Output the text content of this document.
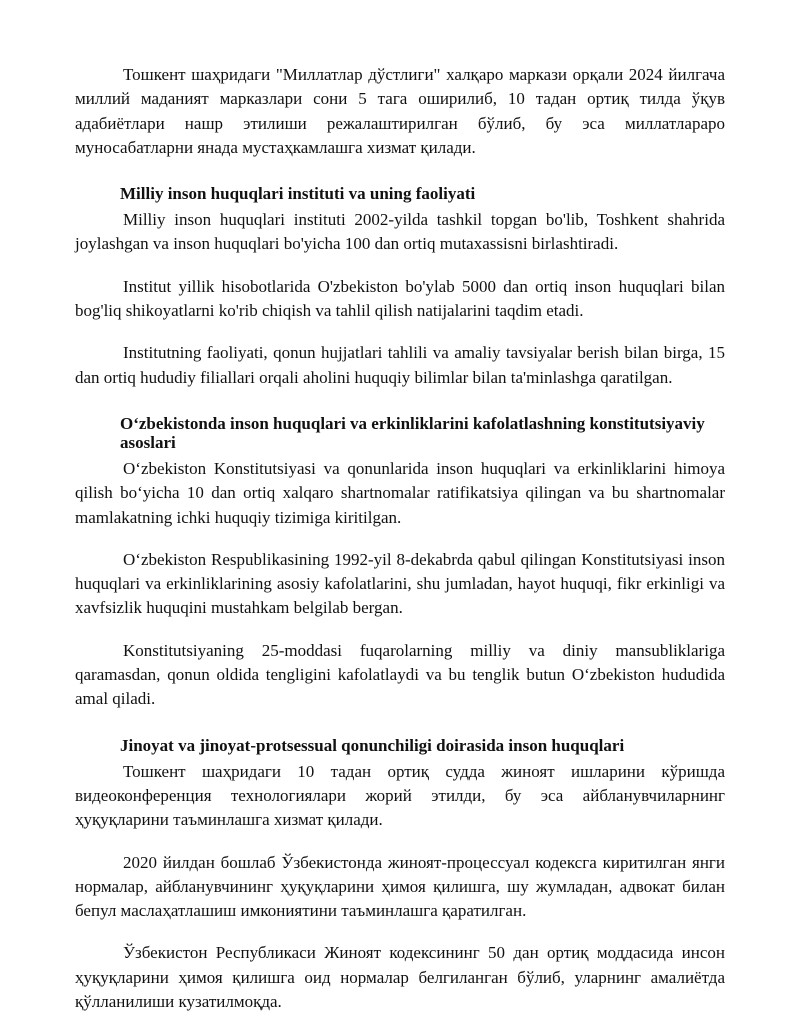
Тошкент шаҳридаги "Миллатлар дўстлиги" халқаро маркази орқали 2024 йилгача миллий маданият марказлари сони 5 тага оширилиб, 10 тадан ортиқ тилда ўқув адабиётлари нашр этилиши режалаштирилган бўлиб, бу эса миллатлараро муносабатларни янада мустаҳкамлашга хизмат қилади.

Milliy inson huquqlari instituti va uning faoliyati

Milliy inson huquqlari instituti 2002-yilda tashkil topgan bo'lib, Toshkent shahrida joylashgan va inson huquqlari bo'yicha 100 dan ortiq mutaxassisni birlashtiradi.

Institut yillik hisobotlarida O'zbekiston bo'ylab 5000 dan ortiq inson huquqlari bilan bog'liq shikoyatlarni ko'rib chiqish va tahlil qilish natijalarini taqdim etadi.

Institutning faoliyati, qonun hujjatlari tahlili va amaliy tavsiyalar berish bilan birga, 15 dan ortiq hududiy filiallari orqali aholini huquqiy bilimlar bilan ta'minlashga qaratilgan.

Oʻzbekistonda inson huquqlari va erkinliklarini kafolatlashning konstitutsiyaviy asoslari

Oʻzbekiston Konstitutsiyasi va qonunlarida inson huquqlari va erkinliklarini himoya qilish boʻyicha 10 dan ortiq xalqaro shartnomalar ratifikatsiya qilingan va bu shartnomalar mamlakatning ichki huquqiy tizimiga kiritilgan.

Oʻzbekiston Respublikasining 1992-yil 8-dekabrda qabul qilingan Konstitutsiyasi inson huquqlari va erkinliklarining asosiy kafolatlarini, shu jumladan, hayot huquqi, fikr erkinligi va xavfsizlik huquqini mustahkam belgilab bergan.

Konstitutsiyaning 25-moddasi fuqarolarning milliy va diniy mansubliklariga qaramasdan, qonun oldida tengligini kafolatlaydi va bu tenglik butun Oʻzbekiston hududida amal qiladi.

Jinoyat va jinoyat-protsessual qonunchiligi doirasida inson huquqlari

Тошкент шаҳридаги 10 тадан ортиқ судда жиноят ишларини кўришда видеоконференция технологиялари жорий этилди, бу эса айбланувчиларнинг ҳуқуқларини таъминлашга хизмат қилади.

2020 йилдан бошлаб Ўзбекистонда жиноят-процессуал кодексга киритилган янги нормалар, айбланувчининг ҳуқуқларини ҳимоя қилишга, шу жумладан, адвокат билан бепул маслаҳатлашиш имкониятини таъминлашга қаратилган.

Ўзбекистон Республикаси Жиноят кодексининг 50 дан ортиқ моддасида инсон ҳуқуқларини ҳимоя қилишга оид нормалар белгиланган бўлиб, уларнинг амалиётда қўлланилиши кузатилмоқда.
